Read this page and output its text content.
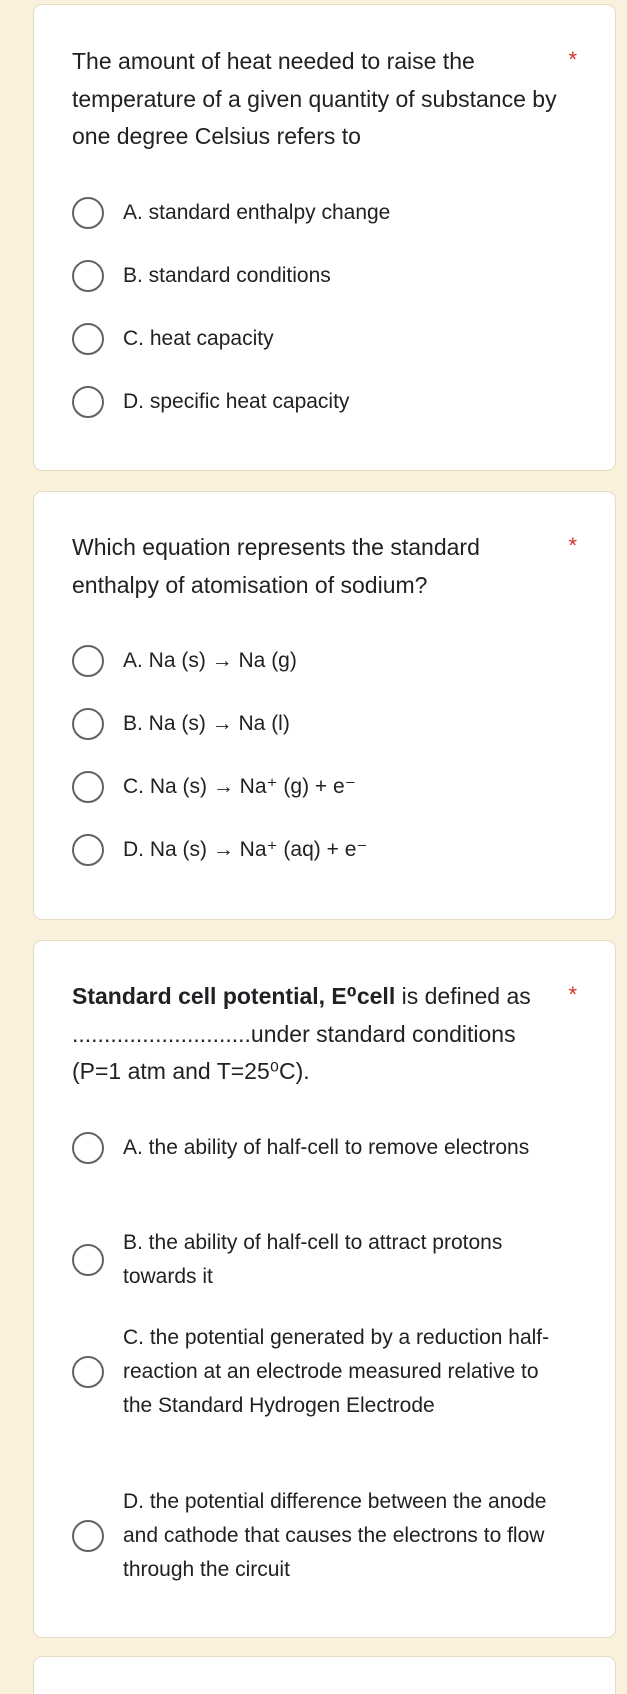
The amount of heat needed to raise the temperature of a given quantity of substance by one degree Celsius refers to
*
A. standard enthalpy change
B. standard conditions
C. heat capacity
D. specific heat capacity
Which equation represents the standard enthalpy of atomisation of sodium?
*
A. Na (s) → Na (g)
B. Na (s) → Na (l)
C. Na (s) → Na⁺ (g) + e⁻
D. Na (s) → Na⁺ (aq) + e⁻
Standard cell potential, E⁰cell is defined as ............................under standard conditions (P=1 atm and T=25⁰C).
*
A. the ability of half-cell to remove electrons
B. the ability of half-cell to attract protons towards it
C. the potential generated by a reduction half-reaction at an electrode measured relative to the Standard Hydrogen Electrode
D. the potential difference between the anode and cathode that causes the electrons to flow through the circuit
